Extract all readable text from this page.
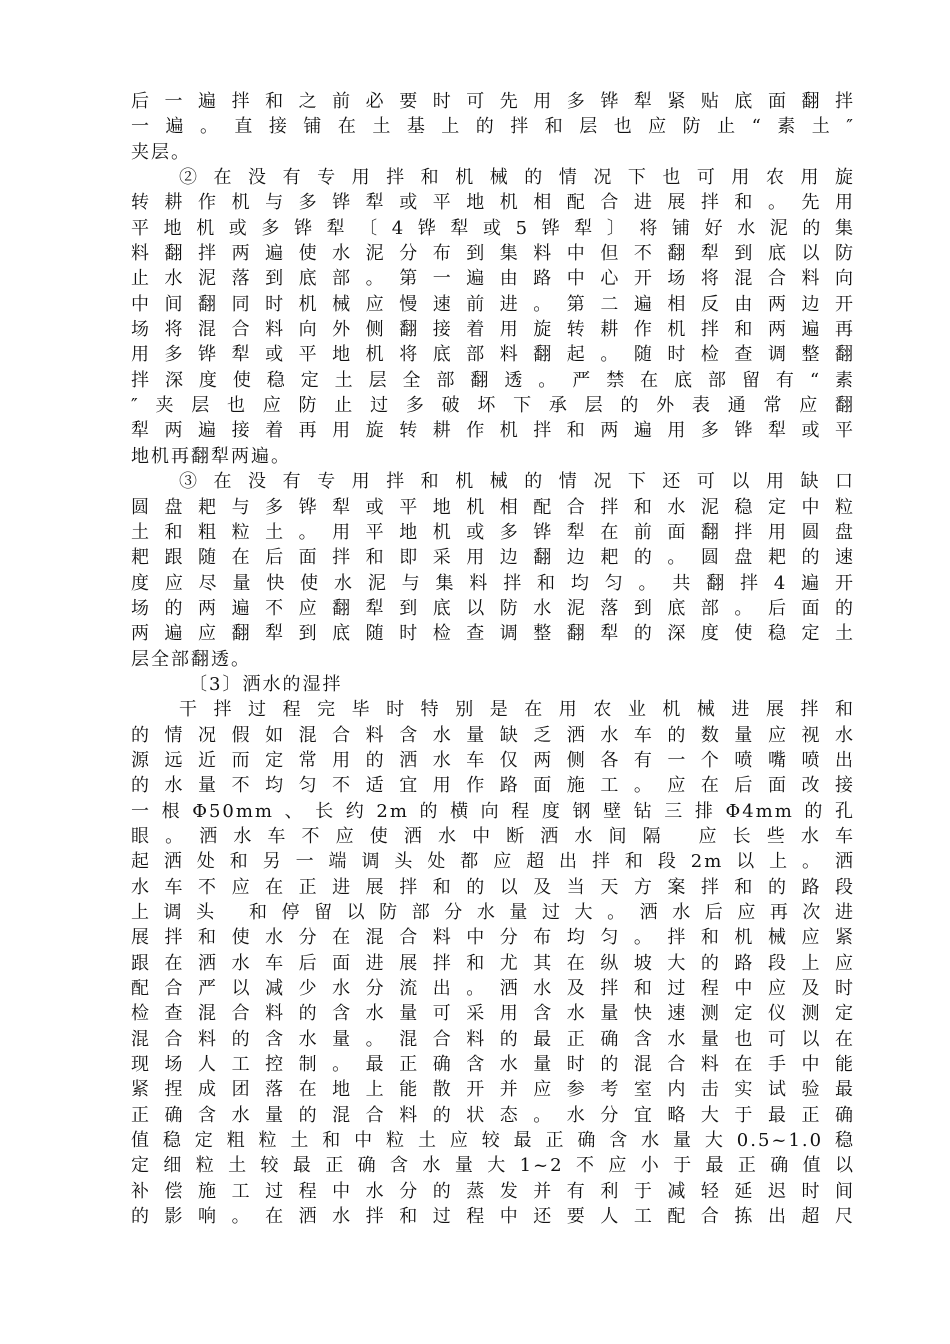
后一遍拌和之前必要时可先用多铧犁紧贴底面翻拌
一遍。直接铺在土基上的拌和层也应防止“素土″
夹层。
②在没有专用拌和机械的情况下也可用农用旋
转耕作机与多铧犁或平地机相配合进展拌和。先用
平地机或多铧犁〔4铧犁或5铧犁〕将铺好水泥的集
料翻拌两遍使水泥分布到集料中但不翻犁到底以防
止水泥落到底部。第一遍由路中心开场将混合料向
中间翻同时机械应慢速前进。第二遍相反由两边开
场将混合料向外侧翻接着用旋转耕作机拌和两遍再
用多铧犁或平地机将底部料翻起。随时检查调整翻
拌深度使稳定土层全部翻透。严禁在底部留有“素
″夹层也应防止过多破坏下承层的外表通常应翻
犁两遍接着再用旋转耕作机拌和两遍用多铧犁或平
地机再翻犁两遍。
③在没有专用拌和机械的情况下还可以用缺口
圆盘耙与多铧犁或平地机相配合拌和水泥稳定中粒
土和粗粒土。用平地机或多铧犁在前面翻拌用圆盘
耙跟随在后面拌和即采用边翻边耙的。圆盘耙的速
度应尽量快使水泥与集料拌和均匀。共翻拌4遍开
场的两遍不应翻犁到底以防水泥落到底部。后面的
两遍应翻犁到底随时检查调整翻犁的深度使稳定土
层全部翻透。
〔3〕洒水的湿拌
干拌过程完毕时特别是在用农业机械进展拌和
的情况假如混合料含水量缺乏洒水车的数量应视水
源远近而定常用的洒水车仅两侧各有一个喷嘴喷出
的水量不均匀不适宜用作路面施工。应在后面改接
一根Φ50mm、长约2m的横向程度钢壁钻三排Φ4mm的孔
眼。洒水车不应使洒水中断洒水间隔 应长些水车
起洒处和另一端调头处都应超出拌和段2m以上。洒
水车不应在正进展拌和的以及当天方案拌和的路段
上调头 和停留以防部分水量过大。洒水后应再次进
展拌和使水分在混合料中分布均匀。拌和机械应紧
跟在洒水车后面进展拌和尤其在纵坡大的路段上应
配合严以减少水分流出。洒水及拌和过程中应及时
检查混合料的含水量可采用含水量快速测定仪测定
混合料的含水量。混合料的最正确含水量也可以在
现场人工控制。最正确含水量时的混合料在手中能
紧捏成团落在地上能散开并应参考室内击实试验最
正确含水量的混合料的状态。水分宜略大于最正确
值稳定粗粒土和中粒土应较最正确含水量大0.5~1.0稳
定细粒土较最正确含水量大1~2不应小于最正确值以
补偿施工过程中水分的蒸发并有利于减轻延迟时间
的影响。在洒水拌和过程中还要人工配合拣出超尺
